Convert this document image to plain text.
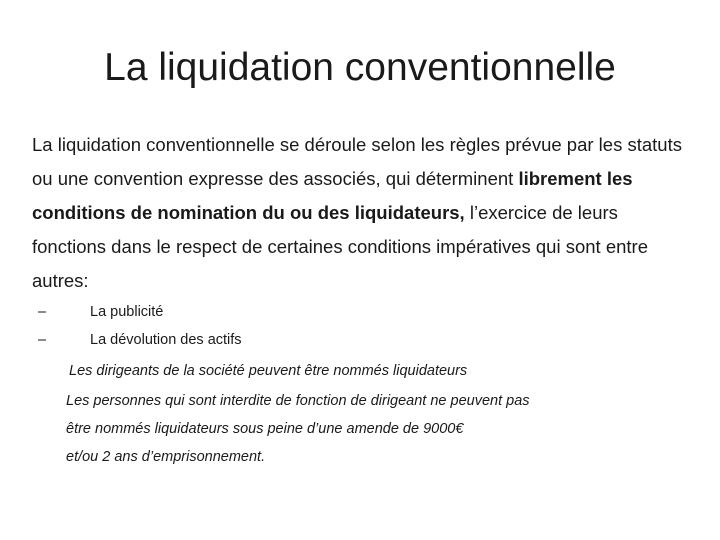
La liquidation conventionnelle

La liquidation conventionnelle se déroule selon les règles prévue par les statuts ou une convention expresse des associés, qui déterminent librement les conditions de nomination du ou des liquidateurs, l’exercice de leurs fonctions dans le respect de certaines conditions impératives qui sont entre autres:

–	La publicité
–	La dévolution des actifs

Les dirigeants de la société peuvent être nommés liquidateurs

Les personnes qui sont interdite de fonction de dirigeant ne peuvent pas
être nommés liquidateurs sous peine d’une amende de 9000€
et/ou 2 ans d’emprisonnement.
